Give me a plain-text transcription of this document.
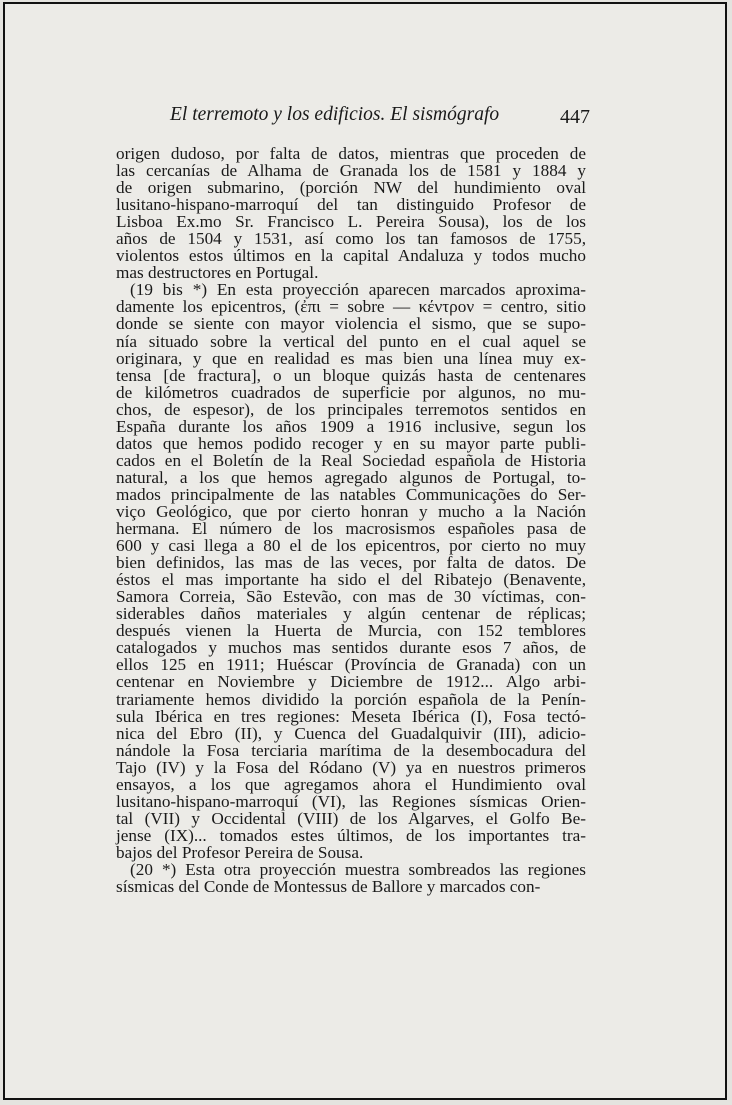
El terremoto y los edificios. El sismógrafo	447
origen dudoso, por falta de datos, mientras que proceden de
las cercanías de Alhama de Granada los de 1581 y 1884 y
de origen submarino, (porción NW del hundimiento oval
lusitano-hispano-marroquí del tan distinguido Profesor de
Lisboa Ex.mo Sr. Francisco L. Pereira Sousa), los de los
años de 1504 y 1531, así como los tan famosos de 1755,
violentos estos últimos en la capital Andaluza y todos mucho
mas destructores en Portugal.
(19 bis *) En esta proyección aparecen marcados aproxima-
damente los epicentros, (ἐπι = sobre — κέντρον = centro, sitio
donde se siente con mayor violencia el sismo, que se supo-
nía situado sobre la vertical del punto en el cual aquel se
originara, y que en realidad es mas bien una línea muy ex-
tensa [de fractura], o un bloque quizás hasta de centenares
de kilómetros cuadrados de superficie por algunos, no mu-
chos, de espesor), de los principales terremotos sentidos en
España durante los años 1909 a 1916 inclusive, segun los
datos que hemos podido recoger y en su mayor parte publi-
cados en el Boletín de la Real Sociedad española de Historia
natural, a los que hemos agregado algunos de Portugal, to-
mados principalmente de las natables Communicações do Ser-
viço Geológico, que por cierto honran y mucho a la Nación
hermana. El número de los macrosismos españoles pasa de
600 y casi llega a 80 el de los epicentros, por cierto no muy
bien definidos, las mas de las veces, por falta de datos. De
éstos el mas importante ha sido el del Ribatejo (Benavente,
Samora Correia, São Estevão, con mas de 30 víctimas, con-
siderables daños materiales y algún centenar de réplicas;
después vienen la Huerta de Murcia, con 152 temblores
catalogados y muchos mas sentidos durante esos 7 años, de
ellos 125 en 1911; Huéscar (Província de Granada) con un
centenar en Noviembre y Diciembre de 1912... Algo arbi-
trariamente hemos dividido la porción española de la Penín-
sula Ibérica en tres regiones: Meseta Ibérica (I), Fosa tectó-
nica del Ebro (II), y Cuenca del Guadalquivir (III), adicio-
nándole la Fosa terciaria marítima de la desembocadura del
Tajo (IV) y la Fosa del Ródano (V) ya en nuestros primeros
ensayos, a los que agregamos ahora el Hundimiento oval
lusitano-hispano-marroquí (VI), las Regiones sísmicas Orien-
tal (VII) y Occidental (VIII) de los Algarves, el Golfo Be-
jense (IX)... tomados estes últimos, de los importantes tra-
bajos del Profesor Pereira de Sousa.
(20 *) Esta otra proyección muestra sombreados las regiones
sísmicas del Conde de Montessus de Ballore y marcados con-
